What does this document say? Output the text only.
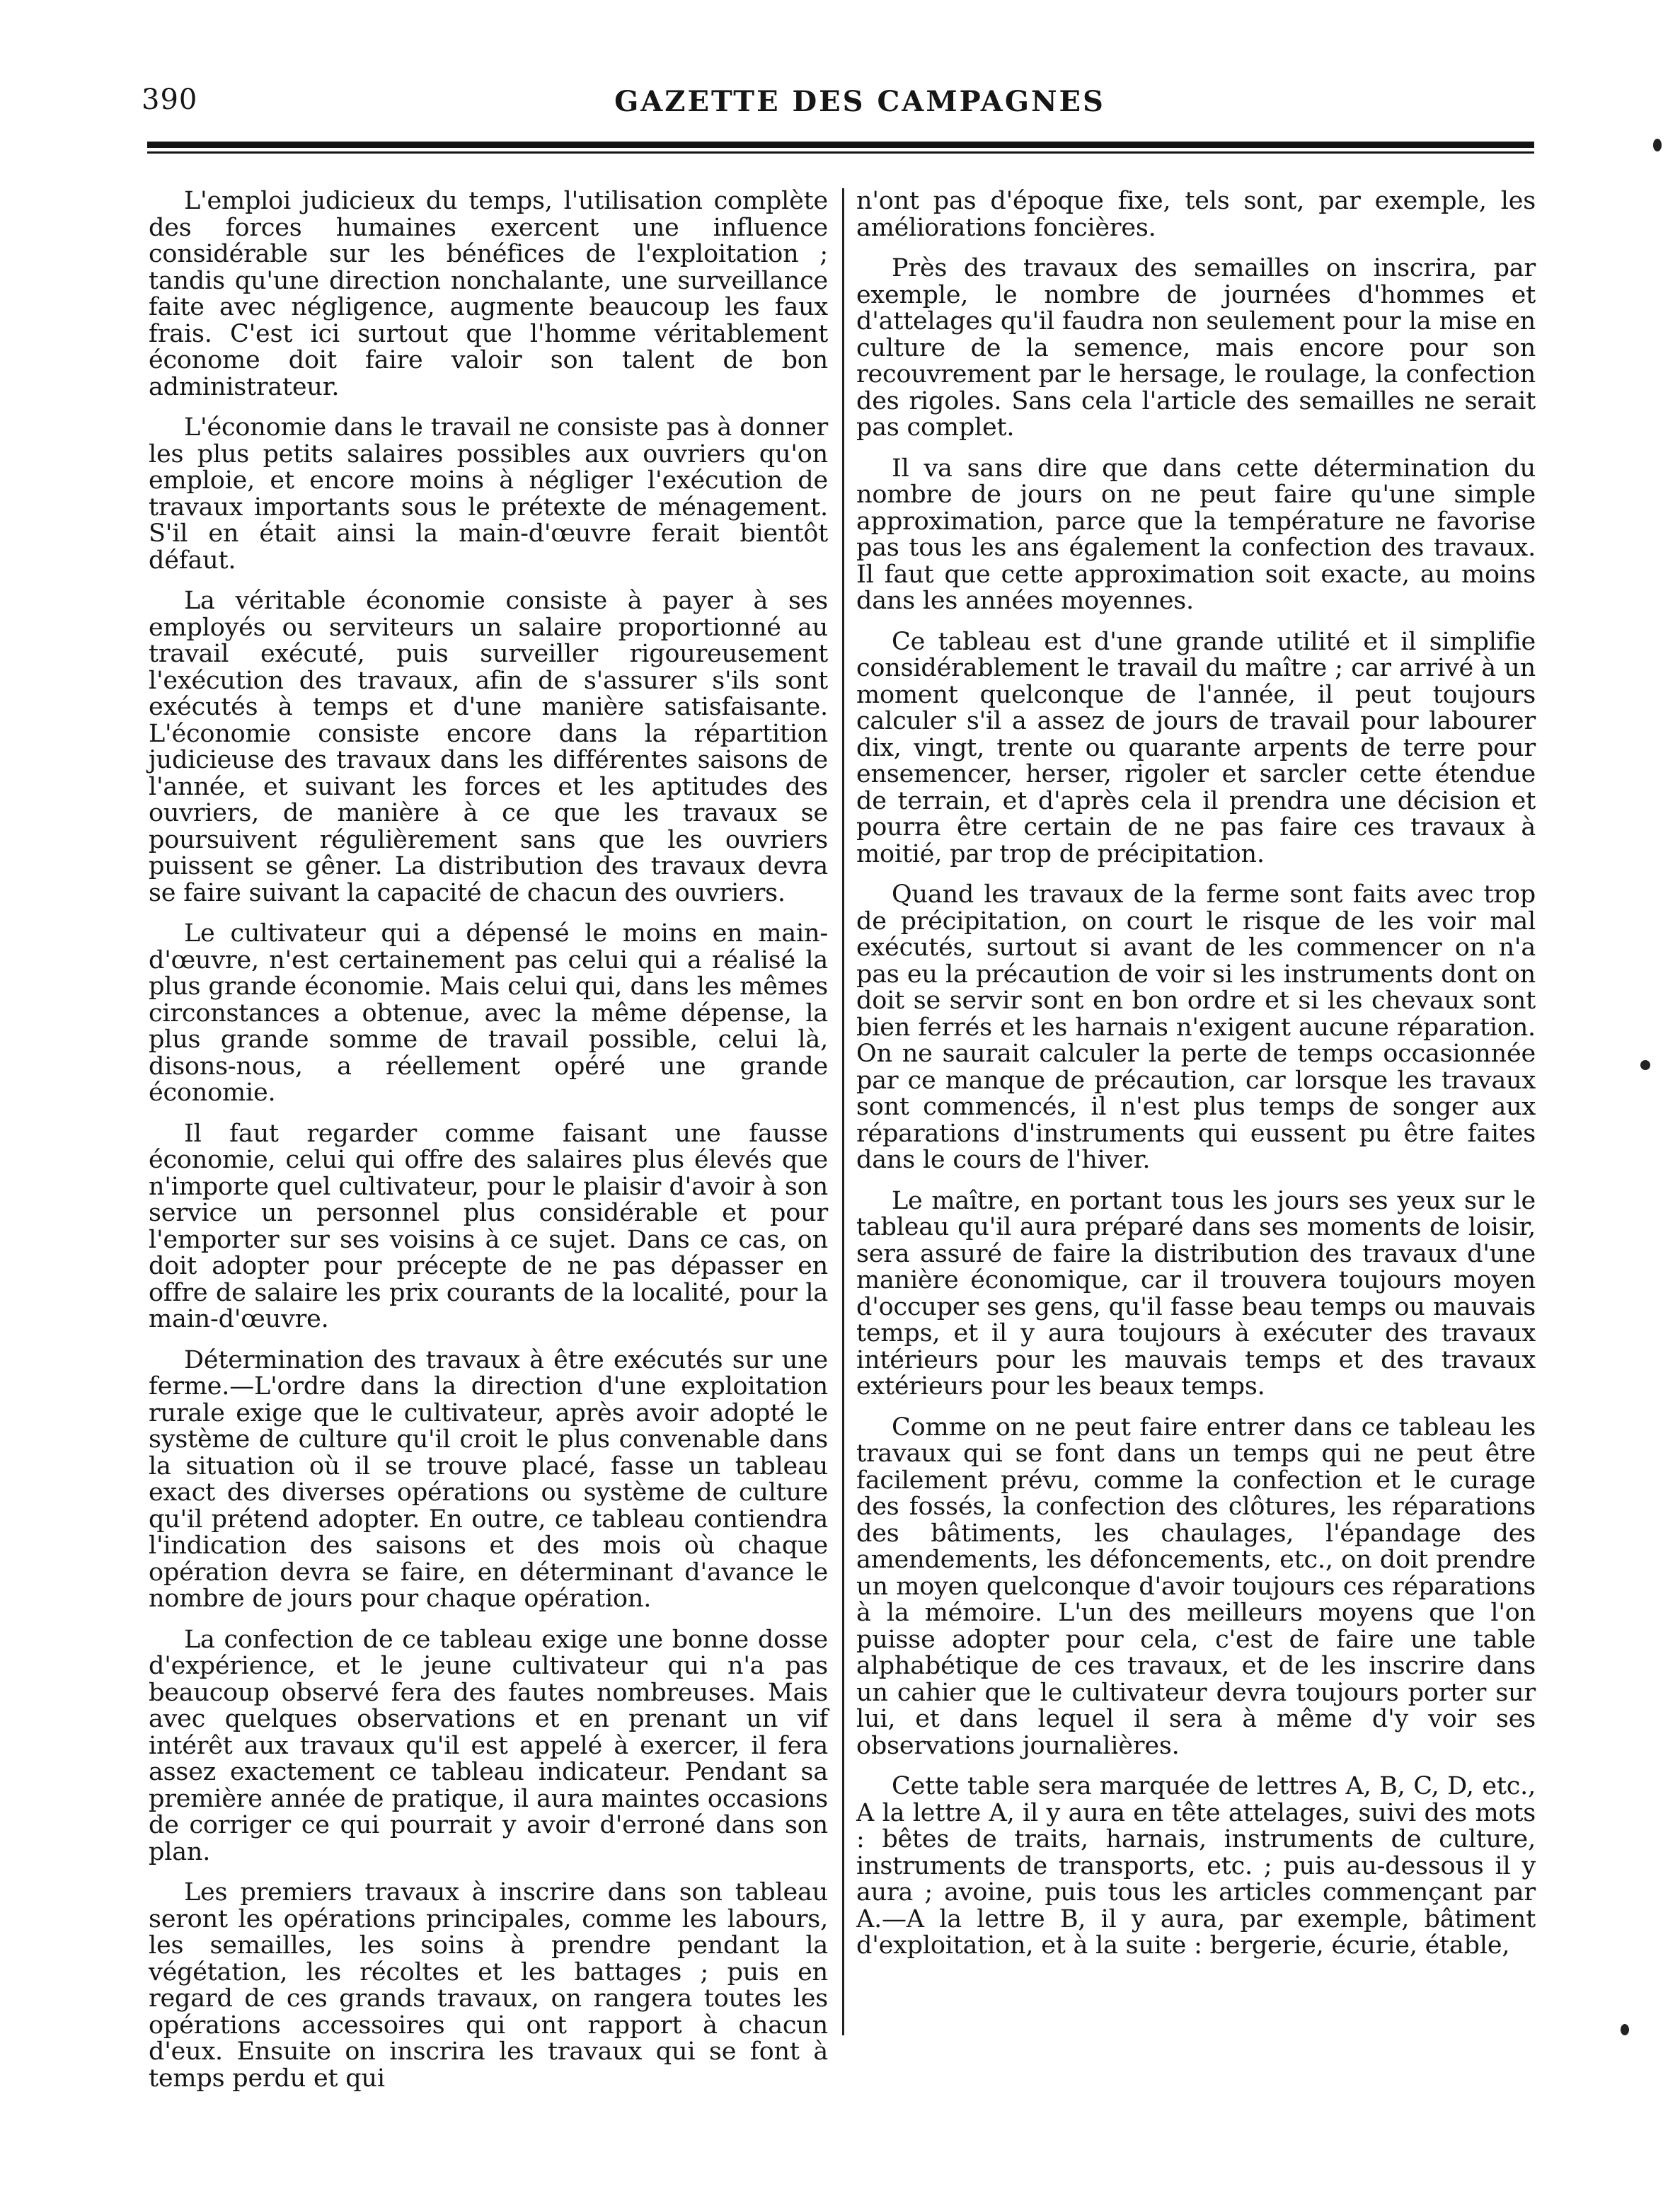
390	GAZETTE DES CAMPAGNES

L'emploi judicieux du temps, l'utilisation complète des forces humaines exercent une influence considérable sur les bénéfices de l'exploitation ; tandis qu'une direction nonchalante, une surveillance faite avec négligence, augmente beaucoup les faux frais. C'est ici surtout que l'homme véritablement économe doit faire valoir son talent de bon administrateur.

L'économie dans le travail ne consiste pas à donner les plus petits salaires possibles aux ouvriers qu'on emploie, et encore moins à négliger l'exécution de travaux importants sous le prétexte de ménagement. S'il en était ainsi la main-d'œuvre ferait bientôt défaut.

La véritable économie consiste à payer à ses employés ou serviteurs un salaire proportionné au travail exécuté, puis surveiller rigoureusement l'exécution des travaux, afin de s'assurer s'ils sont exécutés à temps et d'une manière satisfaisante. L'économie consiste encore dans la répartition judicieuse des travaux dans les différentes saisons de l'année, et suivant les forces et les aptitudes des ouvriers, de manière à ce que les travaux se poursuivent régulièrement sans que les ouvriers puissent se gêner. La distribution des travaux devra se faire suivant la capacité de chacun des ouvriers.

Le cultivateur qui a dépensé le moins en main-d'œuvre, n'est certainement pas celui qui a réalisé la plus grande économie. Mais celui qui, dans les mêmes circonstances a obtenue, avec la même dépense, la plus grande somme de travail possible, celui là, disons-nous, a réellement opéré une grande économie.

Il faut regarder comme faisant une fausse économie, celui qui offre des salaires plus élevés que n'importe quel cultivateur, pour le plaisir d'avoir à son service un personnel plus considérable et pour l'emporter sur ses voisins à ce sujet. Dans ce cas, on doit adopter pour précepte de ne pas dépasser en offre de salaire les prix courants de la localité, pour la main-d'œuvre.

Détermination des travaux à être exécutés sur une ferme.—L'ordre dans la direction d'une exploitation rurale exige que le cultivateur, après avoir adopté le système de culture qu'il croit le plus convenable dans la situation où il se trouve placé, fasse un tableau exact des diverses opérations ou système de culture qu'il prétend adopter. En outre, ce tableau contiendra l'indication des saisons et des mois où chaque opération devra se faire, en déterminant d'avance le nombre de jours pour chaque opération.

La confection de ce tableau exige une bonne dosse d'expérience, et le jeune cultivateur qui n'a pas beaucoup observé fera des fautes nombreuses. Mais avec quelques observations et en prenant un vif intérêt aux travaux qu'il est appelé à exercer, il fera assez exactement ce tableau indicateur. Pendant sa première année de pratique, il aura maintes occasions de corriger ce qui pourrait y avoir d'erroné dans son plan.

Les premiers travaux à inscrire dans son tableau seront les opérations principales, comme les labours, les semailles, les soins à prendre pendant la végétation, les récoltes et les battages ; puis en regard de ces grands travaux, on rangera toutes les opérations accessoires qui ont rapport à chacun d'eux. Ensuite on inscrira les travaux qui se font à temps perdu et qui

n'ont pas d'époque fixe, tels sont, par exemple, les améliorations foncières.

Près des travaux des semailles on inscrira, par exemple, le nombre de journées d'hommes et d'attelages qu'il faudra non seulement pour la mise en culture de la semence, mais encore pour son recouvrement par le hersage, le roulage, la confection des rigoles. Sans cela l'article des semailles ne serait pas complet.

Il va sans dire que dans cette détermination du nombre de jours on ne peut faire qu'une simple approximation, parce que la température ne favorise pas tous les ans également la confection des travaux. Il faut que cette approximation soit exacte, au moins dans les années moyennes.

Ce tableau est d'une grande utilité et il simplifie considérablement le travail du maître ; car arrivé à un moment quelconque de l'année, il peut toujours calculer s'il a assez de jours de travail pour labourer dix, vingt, trente ou quarante arpents de terre pour ensemencer, herser, rigoler et sarcler cette étendue de terrain, et d'après cela il prendra une décision et pourra être certain de ne pas faire ces travaux à moitié, par trop de précipitation.

Quand les travaux de la ferme sont faits avec trop de précipitation, on court le risque de les voir mal exécutés, surtout si avant de les commencer on n'a pas eu la précaution de voir si les instruments dont on doit se servir sont en bon ordre et si les chevaux sont bien ferrés et les harnais n'exigent aucune réparation. On ne saurait calculer la perte de temps occasionnée par ce manque de précaution, car lorsque les travaux sont commencés, il n'est plus temps de songer aux réparations d'instruments qui eussent pu être faites dans le cours de l'hiver.

Le maître, en portant tous les jours ses yeux sur le tableau qu'il aura préparé dans ses moments de loisir, sera assuré de faire la distribution des travaux d'une manière économique, car il trouvera toujours moyen d'occuper ses gens, qu'il fasse beau temps ou mauvais temps, et il y aura toujours à exécuter des travaux intérieurs pour les mauvais temps et des travaux extérieurs pour les beaux temps.

Comme on ne peut faire entrer dans ce tableau les travaux qui se font dans un temps qui ne peut être facilement prévu, comme la confection et le curage des fossés, la confection des clôtures, les réparations des bâtiments, les chaulages, l'épandage des amendements, les défoncements, etc., on doit prendre un moyen quelconque d'avoir toujours ces réparations à la mémoire. L'un des meilleurs moyens que l'on puisse adopter pour cela, c'est de faire une table alphabétique de ces travaux, et de les inscrire dans un cahier que le cultivateur devra toujours porter sur lui, et dans lequel il sera à même d'y voir ses observations journalières.

Cette table sera marquée de lettres A, B, C, D, etc., A la lettre A, il y aura en tête attelages, suivi des mots : bêtes de traits, harnais, instruments de culture, instruments de transports, etc. ; puis au-dessous il y aura ; avoine, puis tous les articles commençant par A.—A la lettre B, il y aura, par exemple, bâtiment d'exploitation, et à la suite : bergerie, écurie, étable,
